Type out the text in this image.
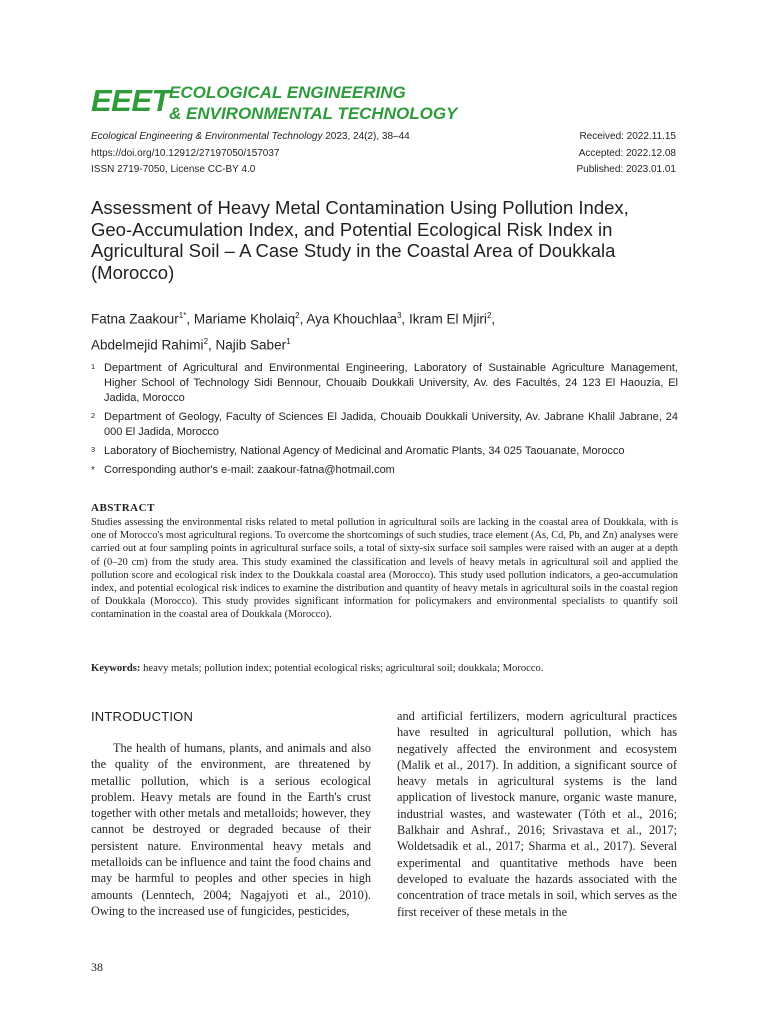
EEET ECOLOGICAL ENGINEERING
& ENVIRONMENTAL TECHNOLOGY
Ecological Engineering & Environmental Technology 2023, 24(2), 38–44
https://doi.org/10.12912/27197050/157037
ISSN 2719-7050, License CC-BY 4.0
Received: 2022.11.15
Accepted: 2022.12.08
Published: 2023.01.01
Assessment of Heavy Metal Contamination Using Pollution Index, Geo-Accumulation Index, and Potential Ecological Risk Index in Agricultural Soil – A Case Study in the Coastal Area of Doukkala (Morocco)
Fatna Zaakour$^{1*}$, Mariame Kholaiq$^2$, Aya Khouchlaa$^3$, Ikram El Mjiri$^2$,
Abdelmejid Rahimi$^2$, Najib Saber$^1$
1 Department of Agricultural and Environmental Engineering, Laboratory of Sustainable Agriculture Management, Higher School of Technology Sidi Bennour, Chouaib Doukkali University, Av. des Facultés, 24 123 El Haouzia, El Jadida, Morocco
2 Department of Geology, Faculty of Sciences El Jadida, Chouaib Doukkali University, Av. Jabrane Khalil Jabrane, 24 000 El Jadida, Morocco
3 Laboratory of Biochemistry, National Agency of Medicinal and Aromatic Plants, 34 025 Taouanate, Morocco
* Corresponding author's e-mail: zaakour-fatna@hotmail.com
ABSTRACT

Studies assessing the environmental risks related to metal pollution in agricultural soils are lacking in the coastal area of Doukkala, with is one of Morocco's most agricultural regions. To overcome the shortcomings of such studies, trace element (As, Cd, Pb, and Zn) analyses were carried out at four sampling points in agricultural surface soils, a total of sixty-six surface soil samples were raised with an auger at a depth of (0–20 cm) from the study area. This study examined the classification and levels of heavy metals in agricultural soil and applied the pollution score and ecological risk index to the Doukkala coastal area (Morocco). This study used pollution indicators, a geo-accumulation index, and potential ecological risk indices to examine the distribution and quantity of heavy metals in agricultural soils in the coastal region of Doukkala (Morocco). This study provides significant information for policymakers and environmental specialists to quantify soil contamination in the coastal area of Doukkala (Morocco).

Keywords: heavy metals; pollution index; potential ecological risks; agricultural soil; doukkala; Morocco.
INTRODUCTION

The health of humans, plants, and animals and also the quality of the environment, are threatened by metallic pollution, which is a serious ecological problem. Heavy metals are found in the Earth's crust together with other metals and metalloids; however, they cannot be destroyed or degraded because of their persistent nature. Environmental heavy metals and metalloids can be influence and taint the food chains and may be harmful to peoples and other species in high amounts (Lenntech, 2004; Nagajyoti et al., 2010). Owing to the increased use of fungicides, pesticides,

and artificial fertilizers, modern agricultural practices have resulted in agricultural pollution, which has negatively affected the environment and ecosystem (Malik et al., 2017). In addition, a significant source of heavy metals in agricultural systems is the land application of livestock manure, organic waste manure, industrial wastes, and wastewater (Tóth et al., 2016; Balkhair and Ashraf., 2016; Srivastava et al., 2017; Woldetsadik et al., 2017; Sharma et al., 2017). Several experimental and quantitative methods have been developed to evaluate the hazards associated with the concentration of trace metals in soil, which serves as the first receiver of these metals in the

38
